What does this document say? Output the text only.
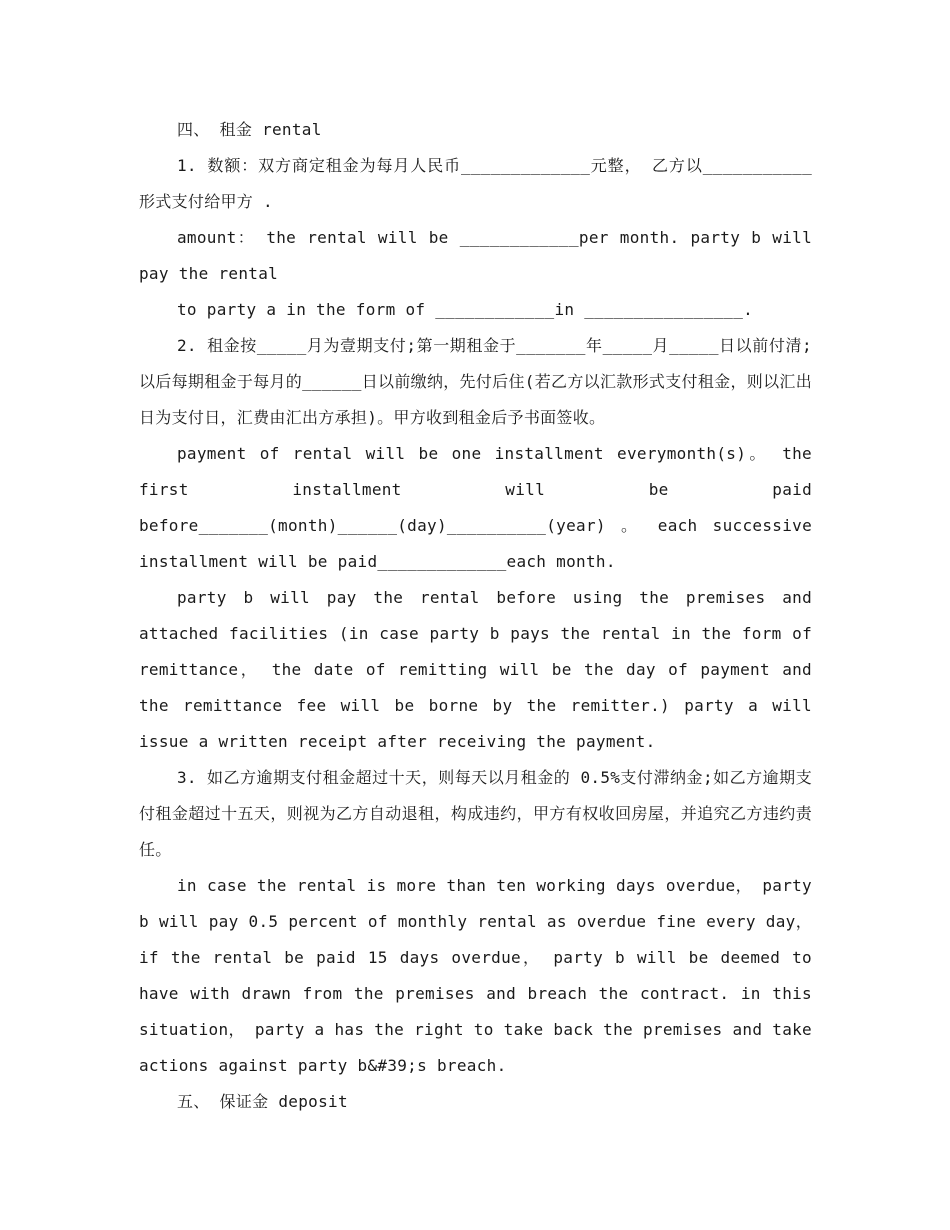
四、 租金 rental

1. 数额：双方商定租金为每月人民币_____________元整， 乙方以___________形式支付给甲方 .

amount： the rental will be ____________per month. party b will pay the rental

to party a in the form of ____________in ________________.

2. 租金按_____月为壹期支付;第一期租金于_______年_____月_____日以前付清;以后每期租金于每月的______日以前缴纳，先付后住(若乙方以汇款形式支付租金，则以汇出日为支付日，汇费由汇出方承担)。甲方收到租金后予书面签收。

payment of rental will be one installment everymonth(s)。 the first installment will be paid before_______(month)______(day)__________(year) 。 each successive installment will be paid_____________each month.

party b will pay the rental before using the premises and attached facilities (in case party b pays the rental in the form of remittance， the date of remitting will be the day of payment and the remittance fee will be borne by the remitter.) party a will issue a written receipt after receiving the payment.

3. 如乙方逾期支付租金超过十天，则每天以月租金的 0.5%支付滞纳金;如乙方逾期支付租金超过十五天，则视为乙方自动退租，构成违约，甲方有权收回房屋，并追究乙方违约责任。

in case the rental is more than ten working days overdue， party b will pay 0.5 percent of monthly rental as overdue fine every day， if the rental be paid 15 days overdue， party b will be deemed to have with drawn from the premises and breach the contract. in this situation， party a has the right to take back the premises and take actions against party b&#39;s breach.

五、 保证金 deposit
